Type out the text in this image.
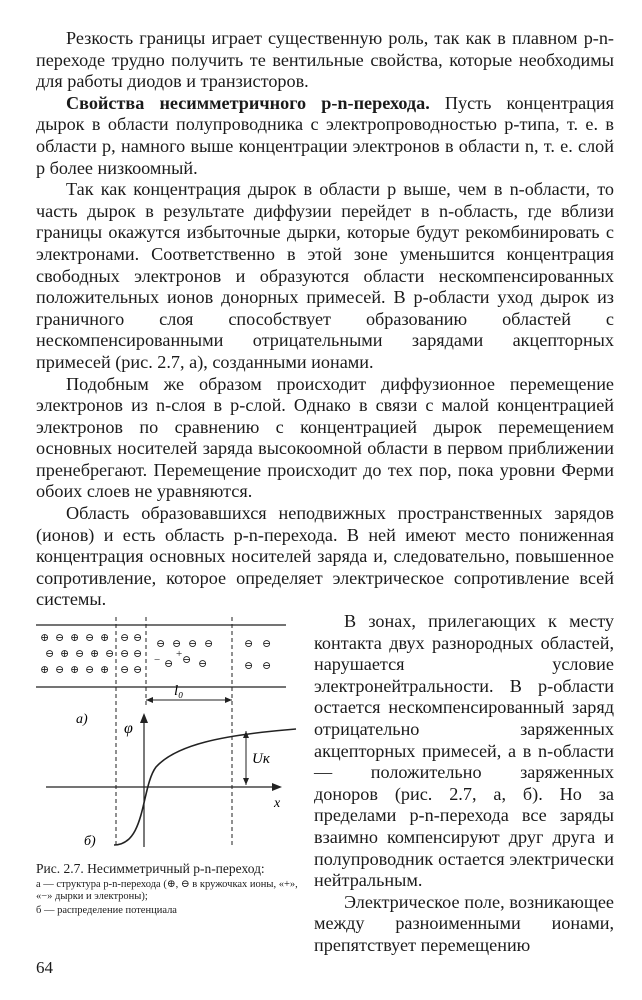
Резкость границы играет существенную роль, так как в плавном p-n-переходе трудно получить те вентильные свойства, которые необходимы для работы диодов и транзисторов.

Свойства несимметричного p-n-перехода. Пусть концентрация дырок в области полупроводника с электропроводностью p-типа, т. е. в области p, намного выше концентрации электронов в области n, т. е. слой p более низкоомный.

Так как концентрация дырок в области p выше, чем в n-области, то часть дырок в результате диффузии перейдет в n-область, где вблизи границы окажутся избыточные дырки, которые будут рекомбинировать с электронами. Соответственно в этой зоне уменьшится концентрация свободных электронов и образуются области нескомпенсированных положительных ионов донорных примесей. В p-области уход дырок из граничного слоя способствует образованию областей с нескомпенсированными отрицательными зарядами акцепторных примесей (рис. 2.7, a), созданными ионами.

Подобным же образом происходит диффузионное перемещение электронов из n-слоя в p-слой. Однако в связи с малой концентрацией электронов по сравнению с концентрацией дырок перемещением основных носителей заряда высокоомной области в первом приближении пренебрегают. Перемещение происходит до тех пор, пока уровни Ферми обоих слоев не уравняются.

Область образовавшихся неподвижных пространственных зарядов (ионов) и есть область p-n-перехода. В ней имеют место пониженная концентрация основных носителей заряда и, следовательно, повышенное сопротивление, которое определяет электрическое сопротивление всей системы.

⊕ ⊖ ⊕ ⊖ ⊕
⊖ ⊕ ⊖ ⊕ ⊖
⊕ ⊖ ⊕ ⊖ ⊕
⊖ ⊖
⊖ ⊖
⊖ ⊖
⊖ ⊖ ⊖ ⊖
⊖ ⊖ ⊖
+
−
⊖ ⊖
⊖ ⊖
l₀
а)
φ
x
Uк
б)
Рис. 2.7. Несимметричный p-n-переход:
а — структура p-n-перехода (⊕, ⊖ в кружочках ионы, «+», «−» дырки и электроны);
б — распределение потенциала

В зонах, прилегающих к месту контакта двух разнородных областей, нарушается условие электронейтральности. В p-области остается нескомпенсированный заряд отрицательно заряженных акцепторных примесей, а в n-области — положительно заряженных доноров (рис. 2.7, а, б). Но за пределами p-n-перехода все заряды взаимно компенсируют друг друга и полупроводник остается электрически нейтральным.

Электрическое поле, возникающее между разноименными ионами, препятствует перемещению

64
